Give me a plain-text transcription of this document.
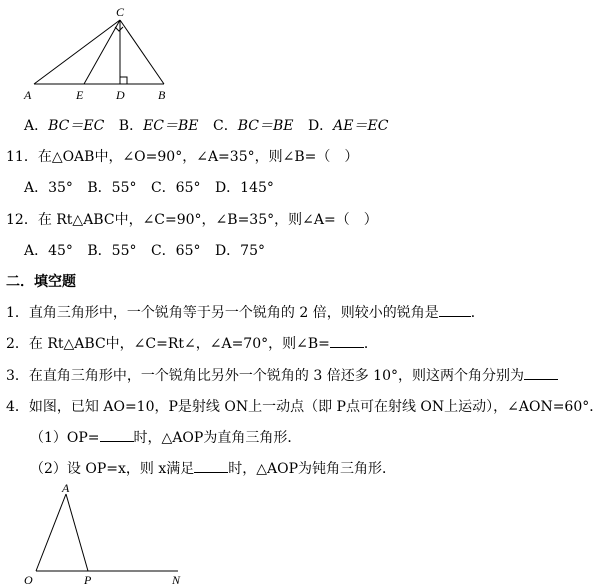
C
A	E	D	B
A．BC＝EC B．EC＝BE C．BC＝BE D．AE＝EC
11．在△OAB中，∠O=90°，∠A=35°，则∠B=（　）
A．35° B．55° C．65° D．145°
12．在 Rt△ABC中，∠C=90°，∠B=35°，则∠A=（　）
A．45° B．55° C．65° D．75°
二．填空题
1．直角三角形中，一个锐角等于另一个锐角的 2 倍，则较小的锐角是 ．
2．在 Rt△ABC中，∠C=Rt∠，∠A=70°，则∠B= ．
3．在直角三角形中，一个锐角比另外一个锐角的 3 倍还多 10°，则这两个角分别为
4．如图，已知 AO=10，P是射线 ON上一动点（即 P点可在射线 ON上运动），∠AON=60°．
（1）OP= 时，△AOP为直角三角形．
（2）设 OP=x，则 x满足 时，△AOP为钝角三角形．
A
O	P	N
